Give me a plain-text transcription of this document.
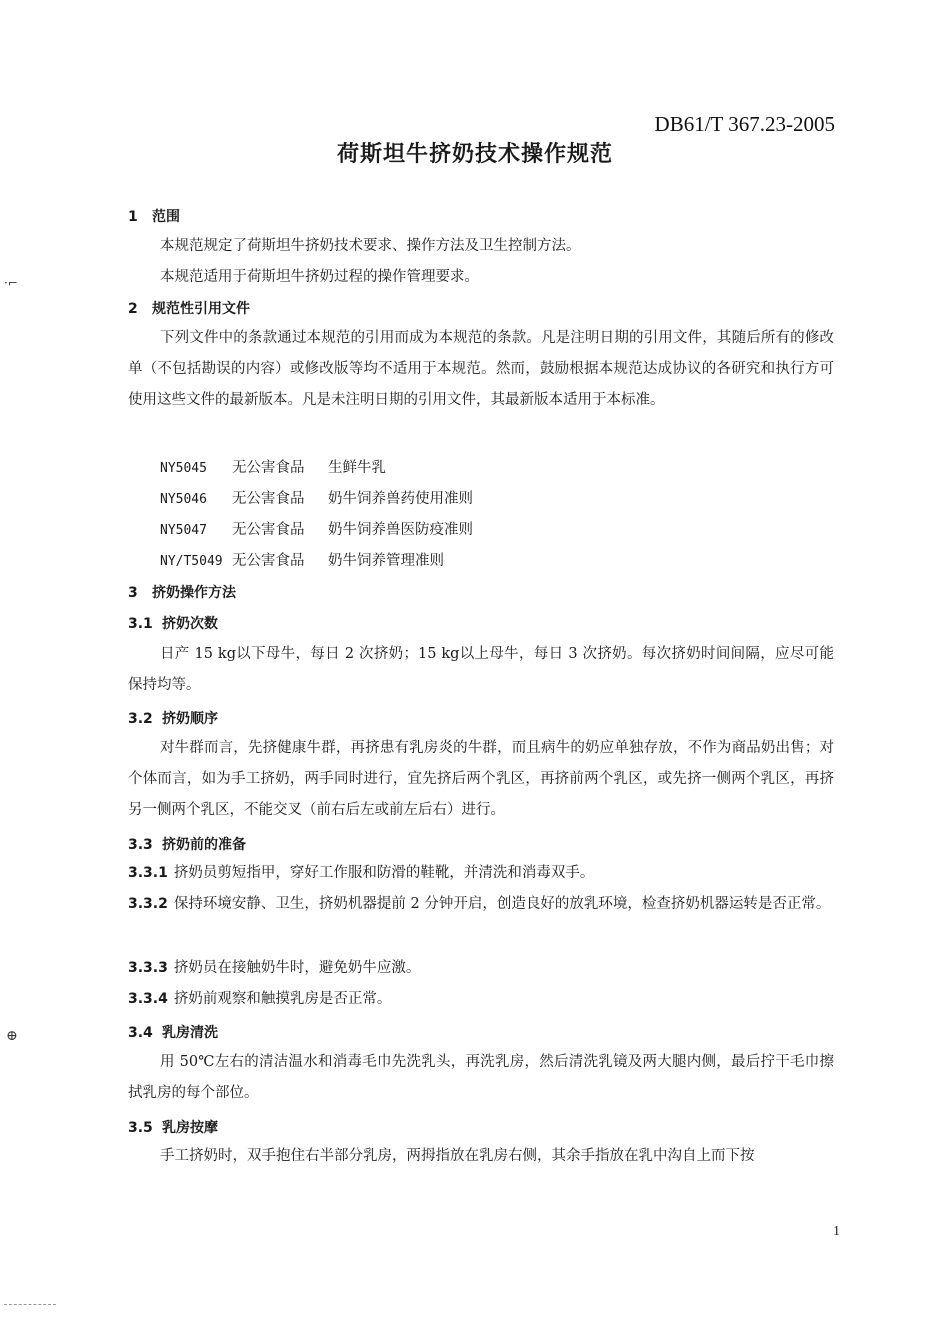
DB61/T 367.23-2005
荷斯坦牛挤奶技术操作规范
1 范围
本规范规定了荷斯坦牛挤奶技术要求、操作方法及卫生控制方法。
本规范适用于荷斯坦牛挤奶过程的操作管理要求。
2 规范性引用文件
下列文件中的条款通过本规范的引用而成为本规范的条款。凡是注明日期的引用文件，其随后所有的修改单（不包括勘误的内容）或修改版等均不适用于本规范。然而，鼓励根据本规范达成协议的各研究和执行方可使用这些文件的最新版本。凡是未注明日期的引用文件，其最新版本适用于本标准。
NY5045 无公害食品 生鲜牛乳
NY5046 无公害食品 奶牛饲养兽药使用准则
NY5047 无公害食品 奶牛饲养兽医防疫准则
NY/T5049 无公害食品 奶牛饲养管理准则
3 挤奶操作方法
3.1 挤奶次数
日产 15 kg以下母牛，每日 2 次挤奶；15 kg以上母牛，每日 3 次挤奶。每次挤奶时间间隔，应尽可能保持均等。
3.2 挤奶顺序
对牛群而言，先挤健康牛群，再挤患有乳房炎的牛群，而且病牛的奶应单独存放，不作为商品奶出售；对个体而言，如为手工挤奶，两手同时进行，宜先挤后两个乳区，再挤前两个乳区，或先挤一侧两个乳区，再挤另一侧两个乳区，不能交叉（前右后左或前左后右）进行。
3.3 挤奶前的准备
3.3.1 挤奶员剪短指甲，穿好工作服和防滑的鞋靴，并清洗和消毒双手。
3.3.2 保持环境安静、卫生，挤奶机器提前 2 分钟开启，创造良好的放乳环境，检查挤奶机器运转是否正常。
3.3.3 挤奶员在接触奶牛时，避免奶牛应激。
3.3.4 挤奶前观察和触摸乳房是否正常。
3.4 乳房清洗
用 50℃左右的清洁温水和消毒毛巾先洗乳头，再洗乳房，然后清洗乳镜及两大腿内侧，最后拧干毛巾擦拭乳房的每个部位。
3.5 乳房按摩
手工挤奶时，双手抱住右半部分乳房，两拇指放在乳房右侧，其余手指放在乳中沟自上而下按
1
·⌐
⊕
